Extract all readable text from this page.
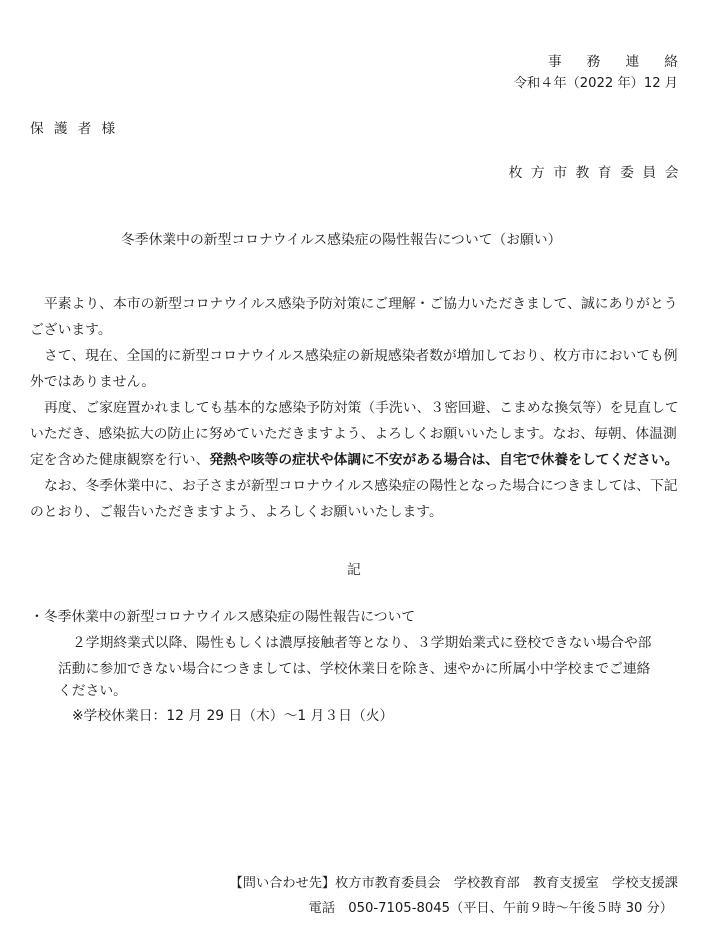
事務連絡
令和４年（2022 年）12 月
保護者様
枚方市教育委員会
冬季休業中の新型コロナウイルス感染症の陽性報告について（お願い）
平素より、本市の新型コロナウイルス感染予防対策にご理解・ご協力いただきまして、誠にありがとうございます。
さて、現在、全国的に新型コロナウイルス感染症の新規感染者数が増加しており、枚方市においても例外ではありません。
再度、ご家庭置かれましても基本的な感染予防対策（手洗い、３密回避、こまめな換気等）を見直していただき、感染拡大の防止に努めていただきますよう、よろしくお願いいたします。なお、毎朝、体温測定を含めた健康観察を行い、発熱や咳等の症状や体調に不安がある場合は、自宅で休養をしてください。
なお、冬季休業中に、お子さまが新型コロナウイルス感染症の陽性となった場合につきましては、下記のとおり、ご報告いただきますよう、よろしくお願いいたします。
記
・冬季休業中の新型コロナウイルス感染症の陽性報告について
２学期終業式以降、陽性もしくは濃厚接触者等となり、３学期始業式に登校できない場合や部
活動に参加できない場合につきましては、学校休業日を除き、速やかに所属小中学校までご連絡
ください。
※学校休業日：12 月 29 日（木）～1 月３日（火）
【問い合わせ先】枚方市教育委員会　学校教育部　教育支援室　学校支援課
電話　050-7105-8045（平日、午前９時～午後５時 30 分）
